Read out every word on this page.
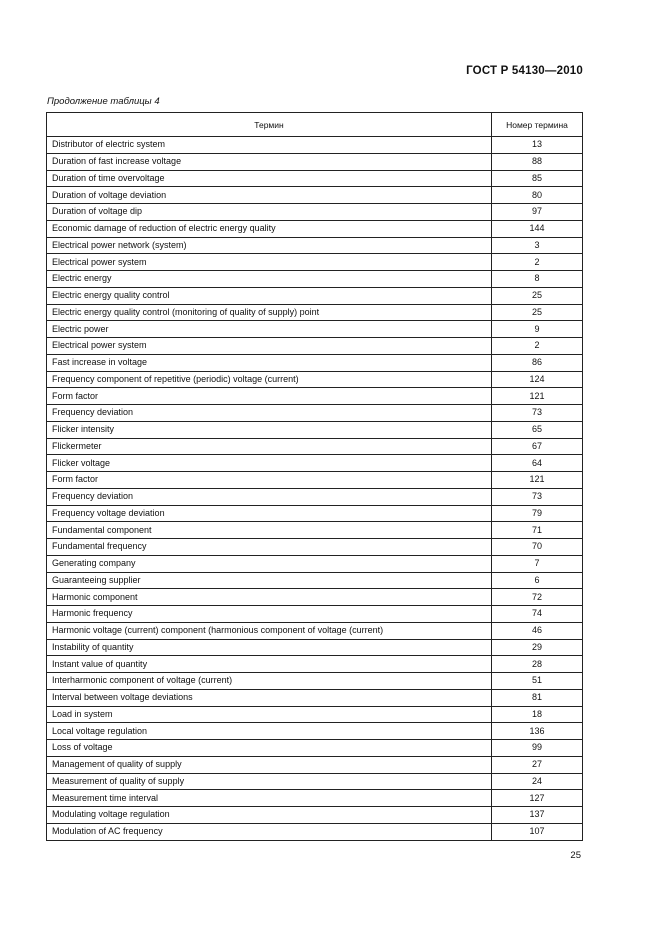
ГОСТ Р 54130—2010
Продолжение таблицы 4
Термин	Номер термина
Distributor of electric system	13
Duration of fast increase voltage	88
Duration of time overvoltage	85
Duration of voltage deviation	80
Duration of voltage dip	97
Economic damage of reduction of electric energy quality	144
Electrical power network (system)	3
Electrical power system	2
Electric energy	8
Electric energy quality control	25
Electric energy quality control (monitoring of quality of supply) point	25
Electric power	9
Electrical power system	2
Fast increase in voltage	86
Frequency component of repetitive (periodic) voltage (current)	124
Form factor	121
Frequency deviation	73
Flicker intensity	65
Flickermeter	67
Flicker voltage	64
Form factor	121
Frequency deviation	73
Frequency voltage deviation	79
Fundamental component	71
Fundamental frequency	70
Generating company	7
Guaranteeing supplier	6
Harmonic component	72
Harmonic frequency	74
Harmonic voltage (current) component (harmonious component of voltage (current)	46
Instability of quantity	29
Instant value of quantity	28
Interharmonic component of voltage (current)	51
Interval between voltage deviations	81
Load in system	18
Local voltage regulation	136
Loss of voltage	99
Management of quality of supply	27
Measurement of quality of supply	24
Measurement time interval	127
Modulating voltage regulation	137
Modulation of AC frequency	107
25
